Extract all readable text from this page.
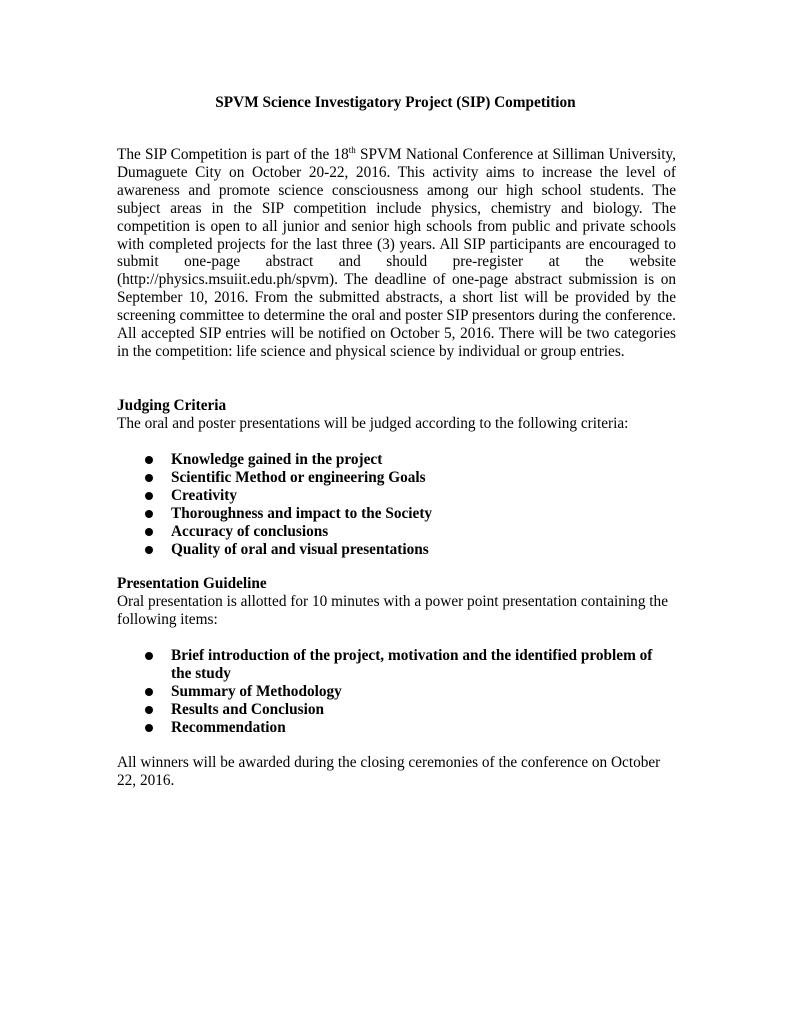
SPVM Science Investigatory Project (SIP) Competition

The SIP Competition is part of the 18th SPVM National Conference at Silliman University, Dumaguete City on October 20-22, 2016. This activity aims to increase the level of awareness and promote science consciousness among our high school students. The subject areas in the SIP competition include physics, chemistry and biology. The competition is open to all junior and senior high schools from public and private schools with completed projects for the last three (3) years. All SIP participants are encouraged to submit one-page abstract and should pre-register at the website (http://physics.msuiit.edu.ph/spvm). The deadline of one-page abstract submission is on September 10, 2016. From the submitted abstracts, a short list will be provided by the screening committee to determine the oral and poster SIP presentors during the conference. All accepted SIP entries will be notified on October 5, 2016. There will be two categories in the competition: life science and physical science by individual or group entries.

Judging Criteria
The oral and poster presentations will be judged according to the following criteria:
Knowledge gained in the project
Scientific Method or engineering Goals
Creativity
Thoroughness and impact to the Society
Accuracy of conclusions
Quality of oral and visual presentations
Presentation Guideline
Oral presentation is allotted for 10 minutes with a power point presentation containing the following items:
Brief introduction of the project, motivation and the identified problem of the study
Summary of Methodology
Results and Conclusion
Recommendation
All winners will be awarded during the closing ceremonies of the conference on October 22, 2016.
